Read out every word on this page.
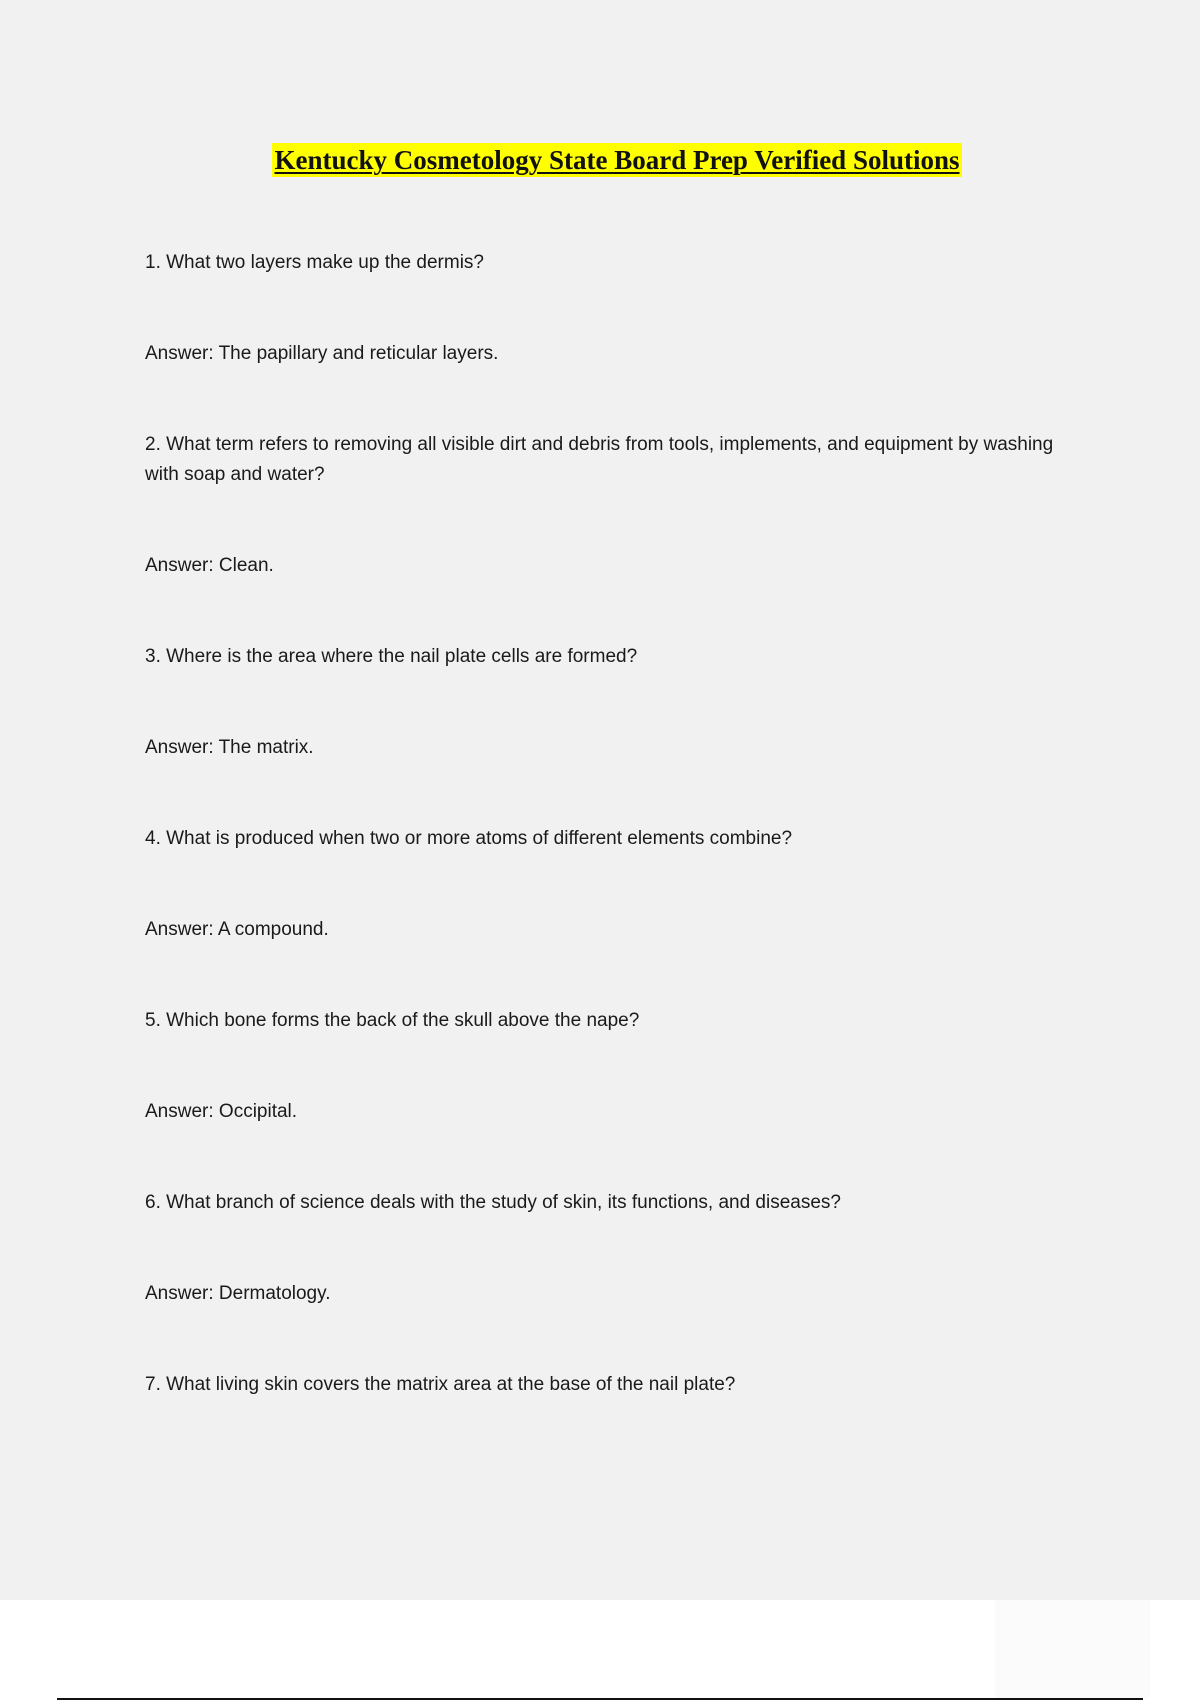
Kentucky Cosmetology State Board Prep Verified Solutions

1. What two layers make up the dermis?

Answer: The papillary and reticular layers.

2. What term refers to removing all visible dirt and debris from tools, implements, and equipment by washing with soap and water?

Answer: Clean.

3. Where is the area where the nail plate cells are formed?

Answer: The matrix.

4. What is produced when two or more atoms of different elements combine?

Answer: A compound.

5. Which bone forms the back of the skull above the nape?

Answer: Occipital.

6. What branch of science deals with the study of skin, its functions, and diseases?

Answer: Dermatology.

7. What living skin covers the matrix area at the base of the nail plate?
